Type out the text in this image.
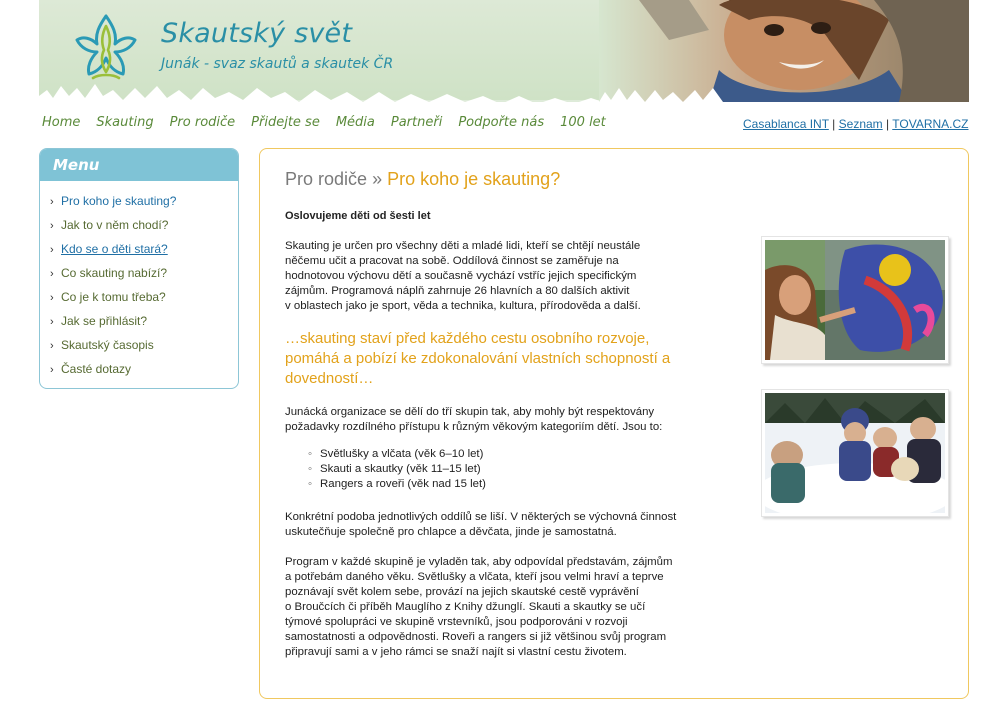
Skautský svět
Junák - svaz skautů a skautek ČR
Home Skauting Pro rodiče Přidejte se Média Partneři Podpořte nás 100 let	Casablanca INT | Seznam | TOVARNA.CZ
Menu
› Pro koho je skauting?
› Jak to v něm chodí?
› Kdo se o děti stará?
› Co skauting nabízí?
› Co je k tomu třeba?
› Jak se přihlásit?
› Skautský časopis
› Časté dotazy
Pro rodiče » Pro koho je skauting?
Oslovujeme děti od šesti let

Skauting je určen pro všechny děti a mladé lidi, kteří se chtějí neustále
něčemu učit a pracovat na sobě. Oddílová činnost se zaměřuje na
hodnotovou výchovu dětí a současně vychází vstříc jejich specifickým
zájmům. Programová náplň zahrnuje 26 hlavních a 80 dalších aktivit
v oblastech jako je sport, věda a technika, kultura, přírodověda a další.

…skauting staví před každého cestu osobního rozvoje,
pomáhá a pobízí ke zdokonalování vlastních schopností a
dovedností…

Junácká organizace se dělí do tří skupin tak, aby mohly být respektovány
požadavky rozdílného přístupu k různým věkovým kategoriím dětí. Jsou to:

◦ Světlušky a vlčata (věk 6–10 let)
◦ Skauti a skautky (věk 11–15 let)
◦ Rangers a roveři (věk nad 15 let)

Konkrétní podoba jednotlivých oddílů se liší. V některých se výchovná činnost
uskutečňuje společně pro chlapce a děvčata, jinde je samostatná.

Program v každé skupině je vyladěn tak, aby odpovídal představám, zájmům
a potřebám daného věku. Světlušky a vlčata, kteří jsou velmi hraví a teprve
poznávají svět kolem sebe, provází na jejich skautské cestě vyprávění
o Broučcích či příběh Mauglího z Knihy džunglí. Skauti a skautky se učí
týmové spolupráci ve skupině vrstevníků, jsou podporováni v rozvoji
samostatnosti a odpovědnosti. Roveři a rangers si již většinou svůj program
připravují sami a v jeho rámci se snaží najít si vlastní cestu životem.
